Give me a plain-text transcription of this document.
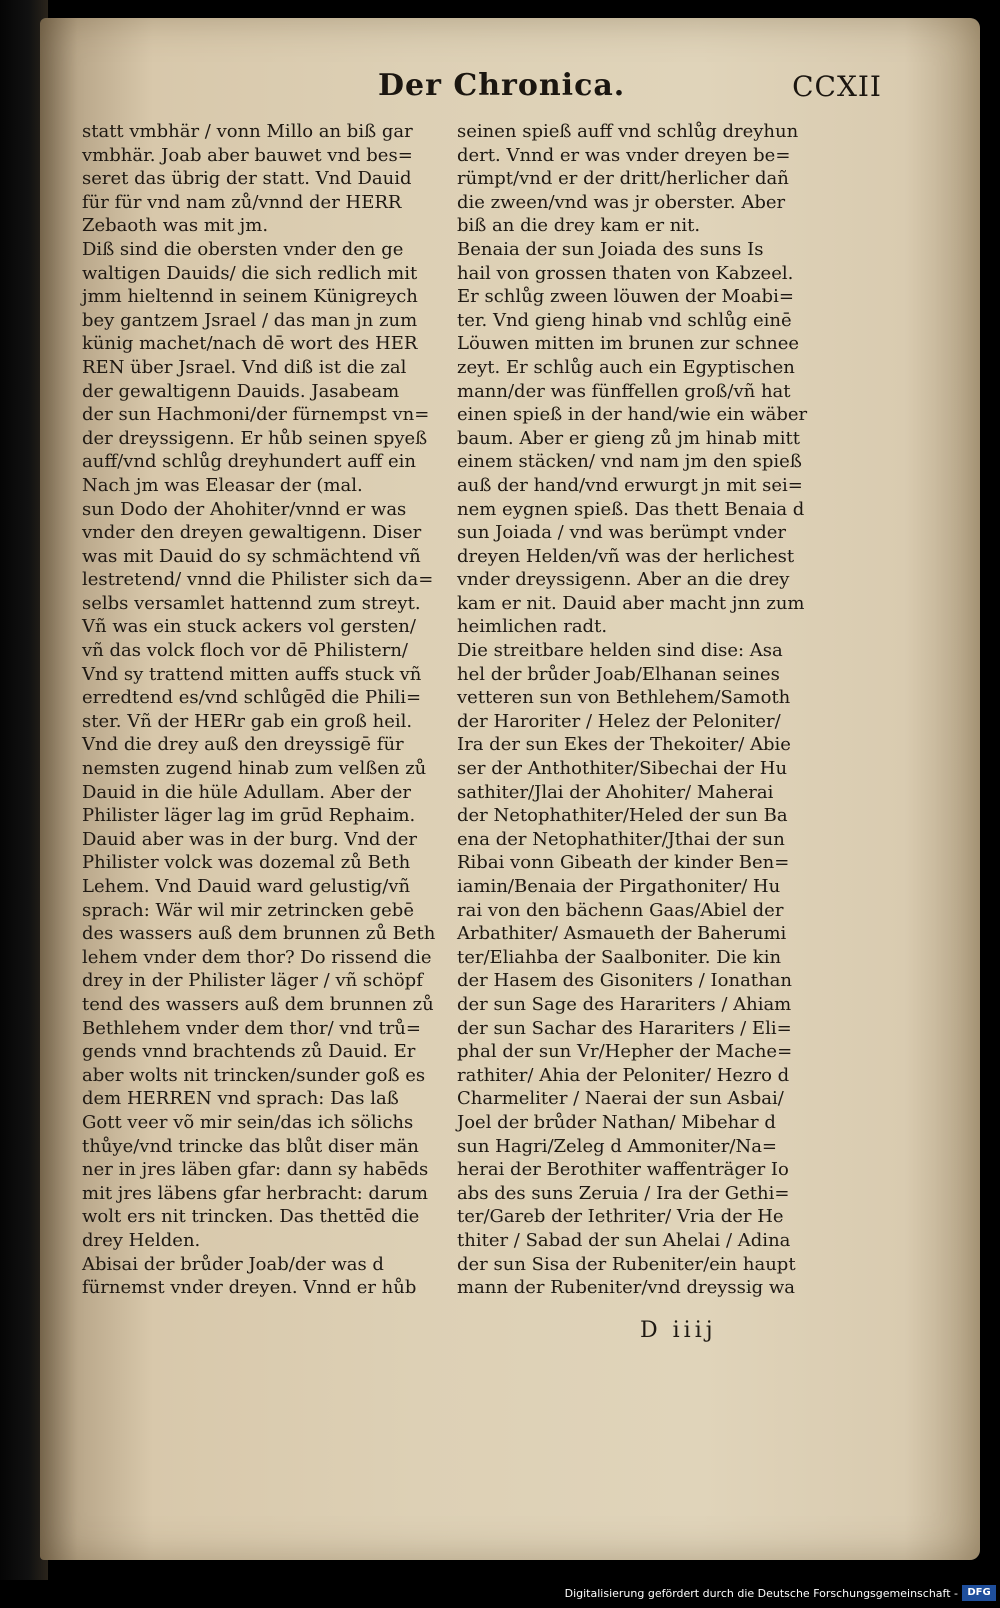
Der Chronica.	CCXII
statt vmbhär / vonn Millo an biß gar
vmbhär. Joab aber bauwet vnd bes=
seret das übrig der statt. Vnd Dauid
für für vnd nam zů/vnnd der HERR
Zebaoth was mit jm.
Diß sind die obersten vnder den ge
waltigen Dauids/ die sich redlich mit
jmm hieltennd in seinem Künigreych
bey gantzem Jsrael / das man jn zum
künig machet/nach dē wort des HER
REN über Jsrael. Vnd diß ist die zal
der gewaltigenn Dauids. Jasabeam
der sun Hachmoni/der fürnempst vn=
der dreyssigenn. Er hůb seinen spyeß
auff/vnd schlůg dreyhundert auff ein
Nach jm was Eleasar der (mal.
sun Dodo der Ahohiter/vnnd er was
vnder den dreyen gewaltigenn. Diser
was mit Dauid do sy schmächtend vñ
lestretend/ vnnd die Philister sich da=
selbs versamlet hattennd zum streyt.
Vñ was ein stuck ackers vol gersten/
vñ das volck floch vor dē Philistern/
Vnd sy trattend mitten auffs stuck vñ
erredtend es/vnd schlůgēd die Phili=
ster. Vñ der HERr gab ein groß heil.
Vnd die drey auß den dreyssigē für
nemsten zugend hinab zum velßen zů
Dauid in die hüle Adullam. Aber der
Philister läger lag im grūd Rephaim.
Dauid aber was in der burg. Vnd der
Philister volck was dozemal zů Beth
Lehem. Vnd Dauid ward gelustig/vñ
sprach: Wär wil mir zetrincken gebē
des wassers auß dem brunnen zů Beth
lehem vnder dem thor? Do rissend die
drey in der Philister läger / vñ schöpf
tend des wassers auß dem brunnen zů
Bethlehem vnder dem thor/ vnd trů=
gends vnnd brachtends zů Dauid. Er
aber wolts nit trincken/sunder goß es
dem HERREN vnd sprach: Das laß
Gott veer võ mir sein/das ich sölichs
thůye/vnd trincke das blůt diser män
ner in jres läben gfar: dann sy habēds
mit jres läbens gfar herbracht: darum
wolt ers nit trincken. Das thettēd die
drey Helden.
Abisai der brůder Joab/der was d
fürnemst vnder dreyen. Vnnd er hůb
seinen spieß auff vnd schlůg dreyhun
dert. Vnnd er was vnder dreyen be=
rümpt/vnd er der dritt/herlicher dañ
die zween/vnd was jr oberster. Aber
biß an die drey kam er nit.
Benaia der sun Joiada des suns Is
hail von grossen thaten von Kabzeel.
Er schlůg zween löuwen der Moabi=
ter. Vnd gieng hinab vnd schlůg einē
Löuwen mitten im brunen zur schnee
zeyt. Er schlůg auch ein Egyptischen
mann/der was fünffellen groß/vñ hat
einen spieß in der hand/wie ein wäber
baum. Aber er gieng zů jm hinab mitt
einem stäcken/ vnd nam jm den spieß
auß der hand/vnd erwurgt jn mit sei=
nem eygnen spieß. Das thett Benaia d
sun Joiada / vnd was berümpt vnder
dreyen Helden/vñ was der herlichest
vnder dreyssigenn. Aber an die drey
kam er nit. Dauid aber macht jnn zum
heimlichen radt.
Die streitbare helden sind dise: Asa
hel der brůder Joab/Elhanan seines
vetteren sun von Bethlehem/Samoth
der Haroriter / Helez der Peloniter/
Ira der sun Ekes der Thekoiter/ Abie
ser der Anthothiter/Sibechai der Hu
sathiter/Jlai der Ahohiter/ Maherai
der Netophathiter/Heled der sun Ba
ena der Netophathiter/Jthai der sun
Ribai vonn Gibeath der kinder Ben=
iamin/Benaia der Pirgathoniter/ Hu
rai von den bächenn Gaas/Abiel der
Arbathiter/ Asmaueth der Baherumi
ter/Eliahba der Saalboniter. Die kin
der Hasem des Gisoniters / Ionathan
der sun Sage des Harariters / Ahiam
der sun Sachar des Harariters / Eli=
phal der sun Vr/Hepher der Mache=
rathiter/ Ahia der Peloniter/ Hezro d
Charmeliter / Naerai der sun Asbai/
Joel der brůder Nathan/ Mibehar d
sun Hagri/Zeleg d Ammoniter/Na=
herai der Berothiter waffenträger Io
abs des suns Zeruia / Ira der Gethi=
ter/Gareb der Iethriter/ Vria der He
thiter / Sabad der sun Ahelai / Adina
der sun Sisa der Rubeniter/ein haupt
mann der Rubeniter/vnd dreyssig wa
D iiij
Digitalisierung gefördert durch die Deutsche Forschungsgemeinschaft - DFG
